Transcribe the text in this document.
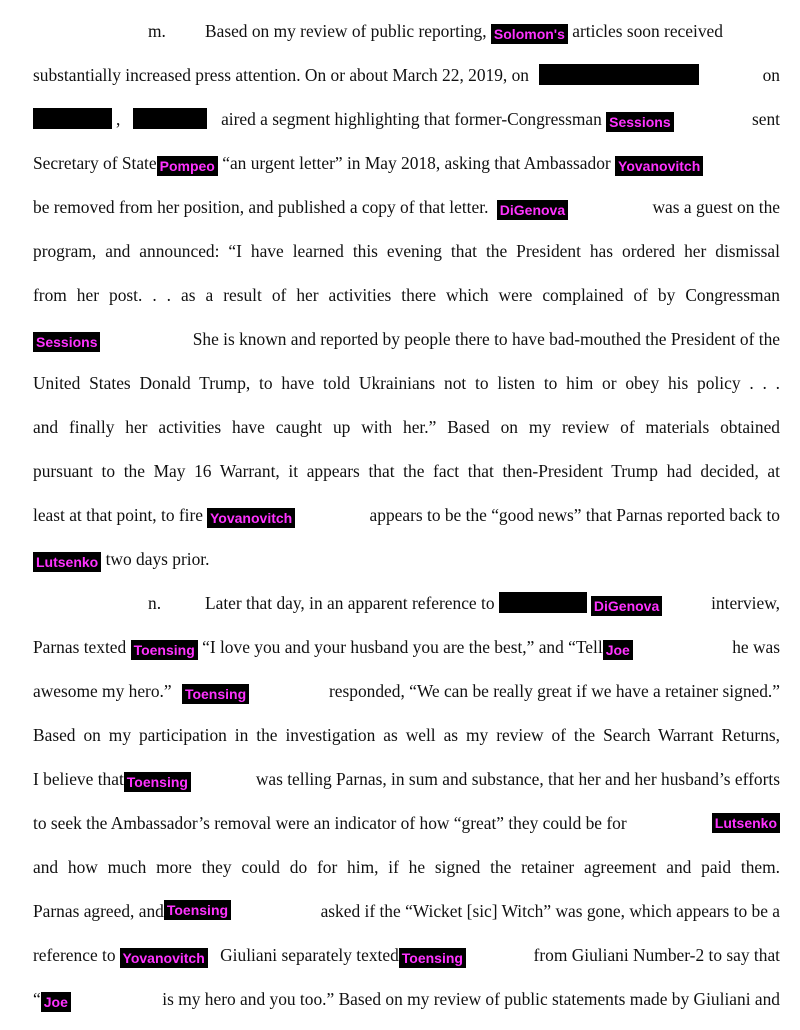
m. Based on my review of public reporting, Solomon's articles soon received
substantially increased press attention. On or about March 22, 2019, on	on
,	aired a segment highlighting that former-Congressman Sessions	sent
Secretary of State Pompeo “an urgent letter” in May 2018, asking that Ambassador Yovanovitch
be removed from her position, and published a copy of that letter. DiGenova	was a guest on the
program, and announced: “I have learned this evening that the President has ordered her dismissal
from her post. . . as a result of her activities there which were complained of by Congressman
Sessions	She is known and reported by people there to have bad-mouthed the President of the
United States Donald Trump, to have told Ukrainians not to listen to him or obey his policy . . .
and finally her activities have caught up with her.” Based on my review of materials obtained
pursuant to the May 16 Warrant, it appears that the fact that then-President Trump had decided, at
least at that point, to fire Yovanovitch	appears to be the “good news” that Parnas reported back to
Lutsenko two days prior.
n.	Later that day, in an apparent reference to	DiGenova	interview,
Parnas texted Toensing “I love you and your husband you are the best,” and “Tell Joe	he was
awesome my hero.” Toensing	responded, “We can be really great if we have a retainer signed.”
Based on my participation in the investigation as well as my review of the Search Warrant Returns,
I believe that Toensing	was telling Parnas, in sum and substance, that her and her husband’s efforts
to seek the Ambassador’s removal were an indicator of how “great” they could be for	Lutsenko
and how much more they could do for him, if he signed the retainer agreement and paid them.
Parnas agreed, and Toensing	asked if the “Wicket [sic] Witch” was gone, which appears to be a
reference to Yovanovitch Giuliani separately texted Toensing	from Giuliani Number-2 to say that
“ Joe	is my hero and you too.” Based on my review of public statements made by Giuliani and
